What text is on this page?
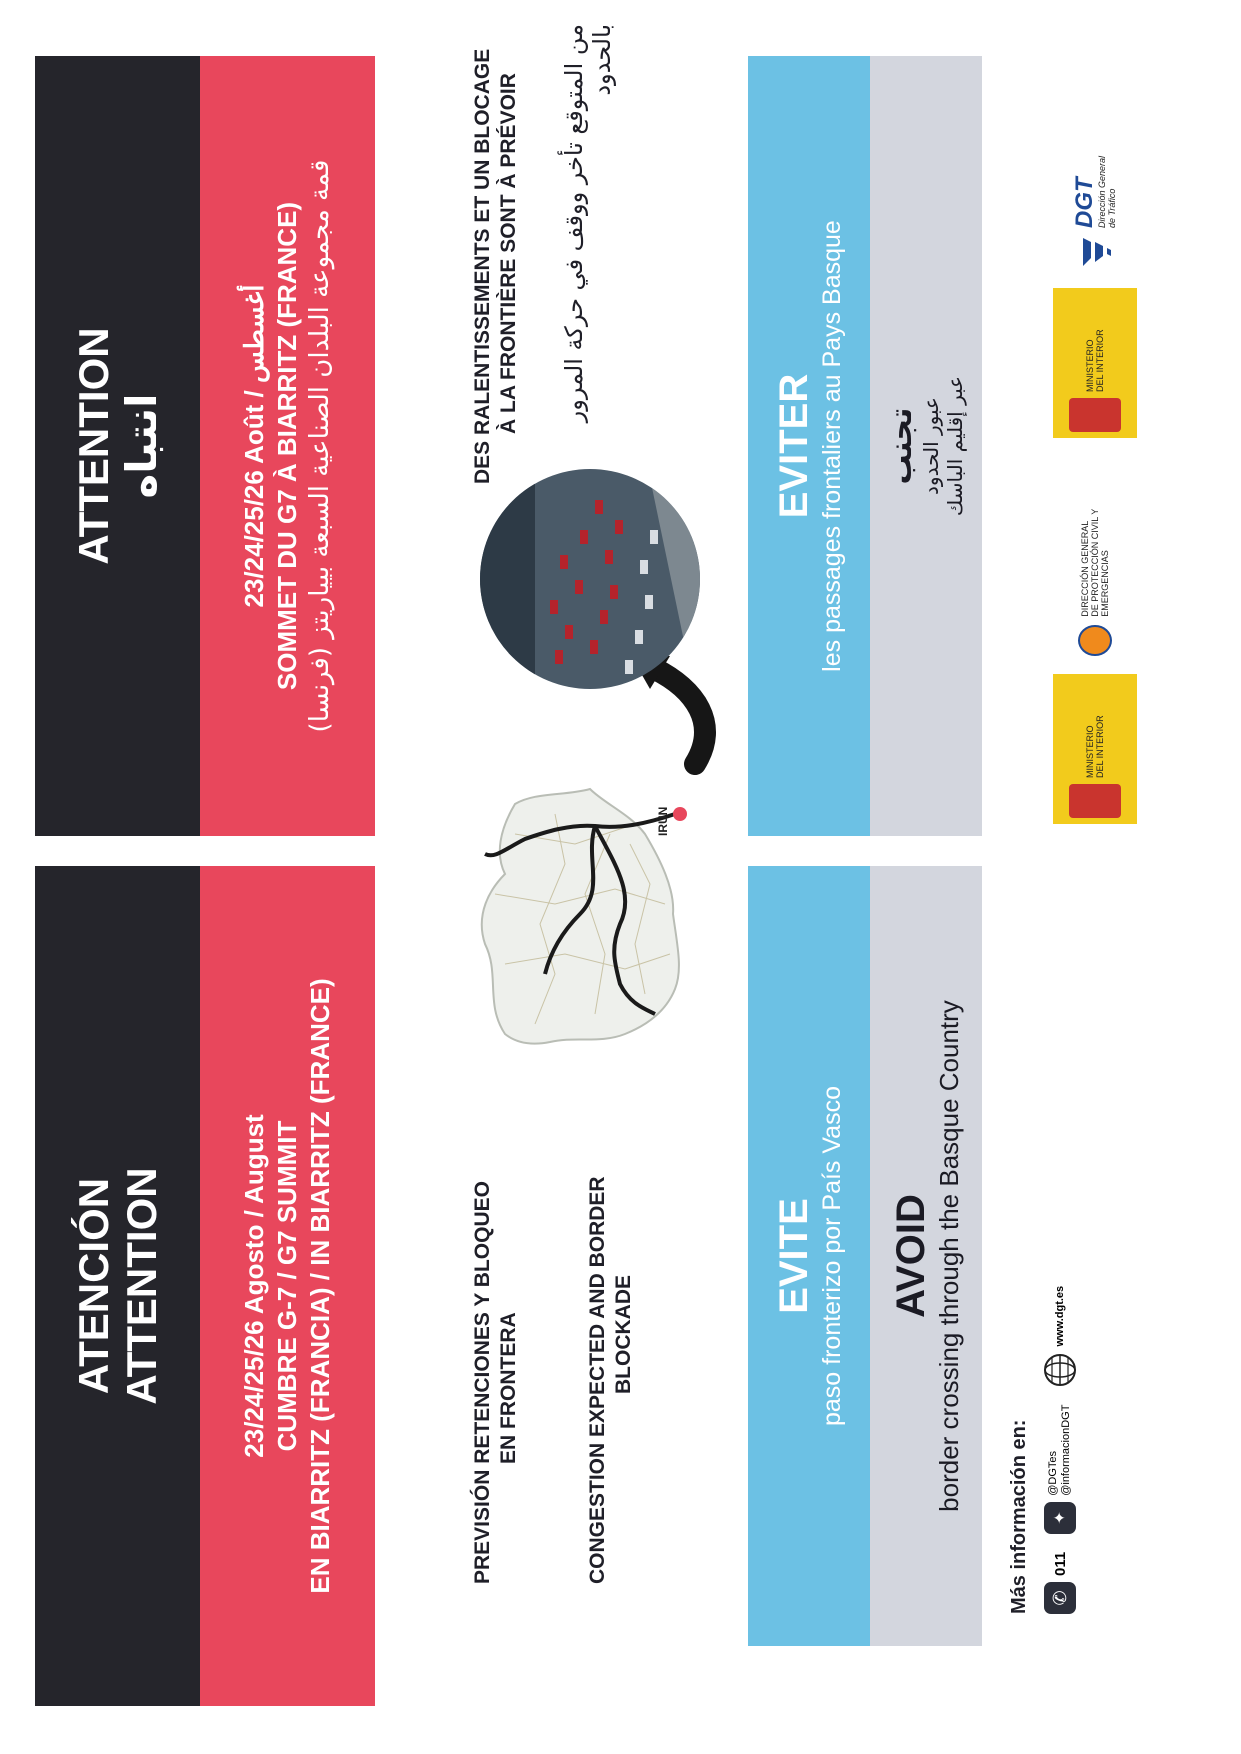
ATENCIÓN ATTENTION	23/24/25/26 Agosto / August CUMBRE G-7 / G7 SUMMIT EN BIARRITZ (FRANCIA) / IN BIARRITZ (FRANCE)
ATTENTION انتباه	23/24/25/26 Août / أغسطس SOMMET DU G7 À BIARRITZ (FRANCE) قمة مجموعة البلدان الصناعية السبعة بيياريتز (فرنسا)
PREVISIÓN RETENCIONES Y BLOQUEO EN FRONTERA	CONGESTION EXPECTED AND BORDER BLOCKADE
IRÚN
DES RALENTISSEMENTS ET UN BLOCAGE À LA FRONTIÈRE SONT À PRÉVOIR من المتوقع تأخر ووقف في حركة المرور بالحدود
EVITE paso fronterizo por País Vasco AVOID border crossing through the Basque Country
EVITER les passages frontaliers au Pays Basque تجنب عبور الحدود عبر إقليم الباسك
Más información en:	✆
011
✦
@DGTes @informacionDGT
www.dgt.es
MINISTERIO DEL INTERIOR
DIRECCIÓN GENERAL DE PROTECCIÓN CIVIL Y EMERGENCIAS
MINISTERIO DEL INTERIOR
DGT Dirección General de Tráfico
